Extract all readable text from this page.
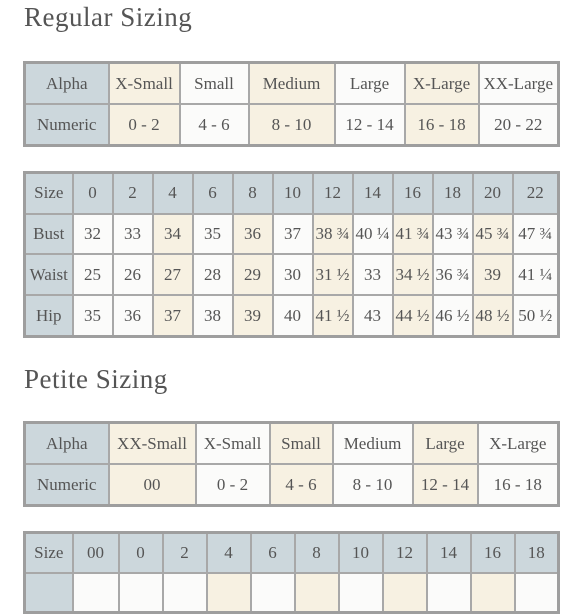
Regular Sizing
Alpha	X-Small	Small	Medium	Large	X-Large	XX-Large
Numeric	0 - 2	4 - 6	8 - 10	12 - 14	16 - 18	20 - 22
Size	0	2	4	6	8	10	12	14	16	18	20	22
Bust	32	33	34	35	36	37	38 ¾	40 ¼	41 ¾	43 ¾	45 ¾	47 ¾
Waist	25	26	27	28	29	30	31 ½	33	34 ½	36 ¾	39	41 ¼
Hip	35	36	37	38	39	40	41 ½	43	44 ½	46 ½	48 ½	50 ½
Petite Sizing
Alpha	XX-Small	X-Small	Small	Medium	Large	X-Large
Numeric	00	0 - 2	4 - 6	8 - 10	12 - 14	16 - 18
Size	00	0	2	4	6	8	10	12	14	16	18
